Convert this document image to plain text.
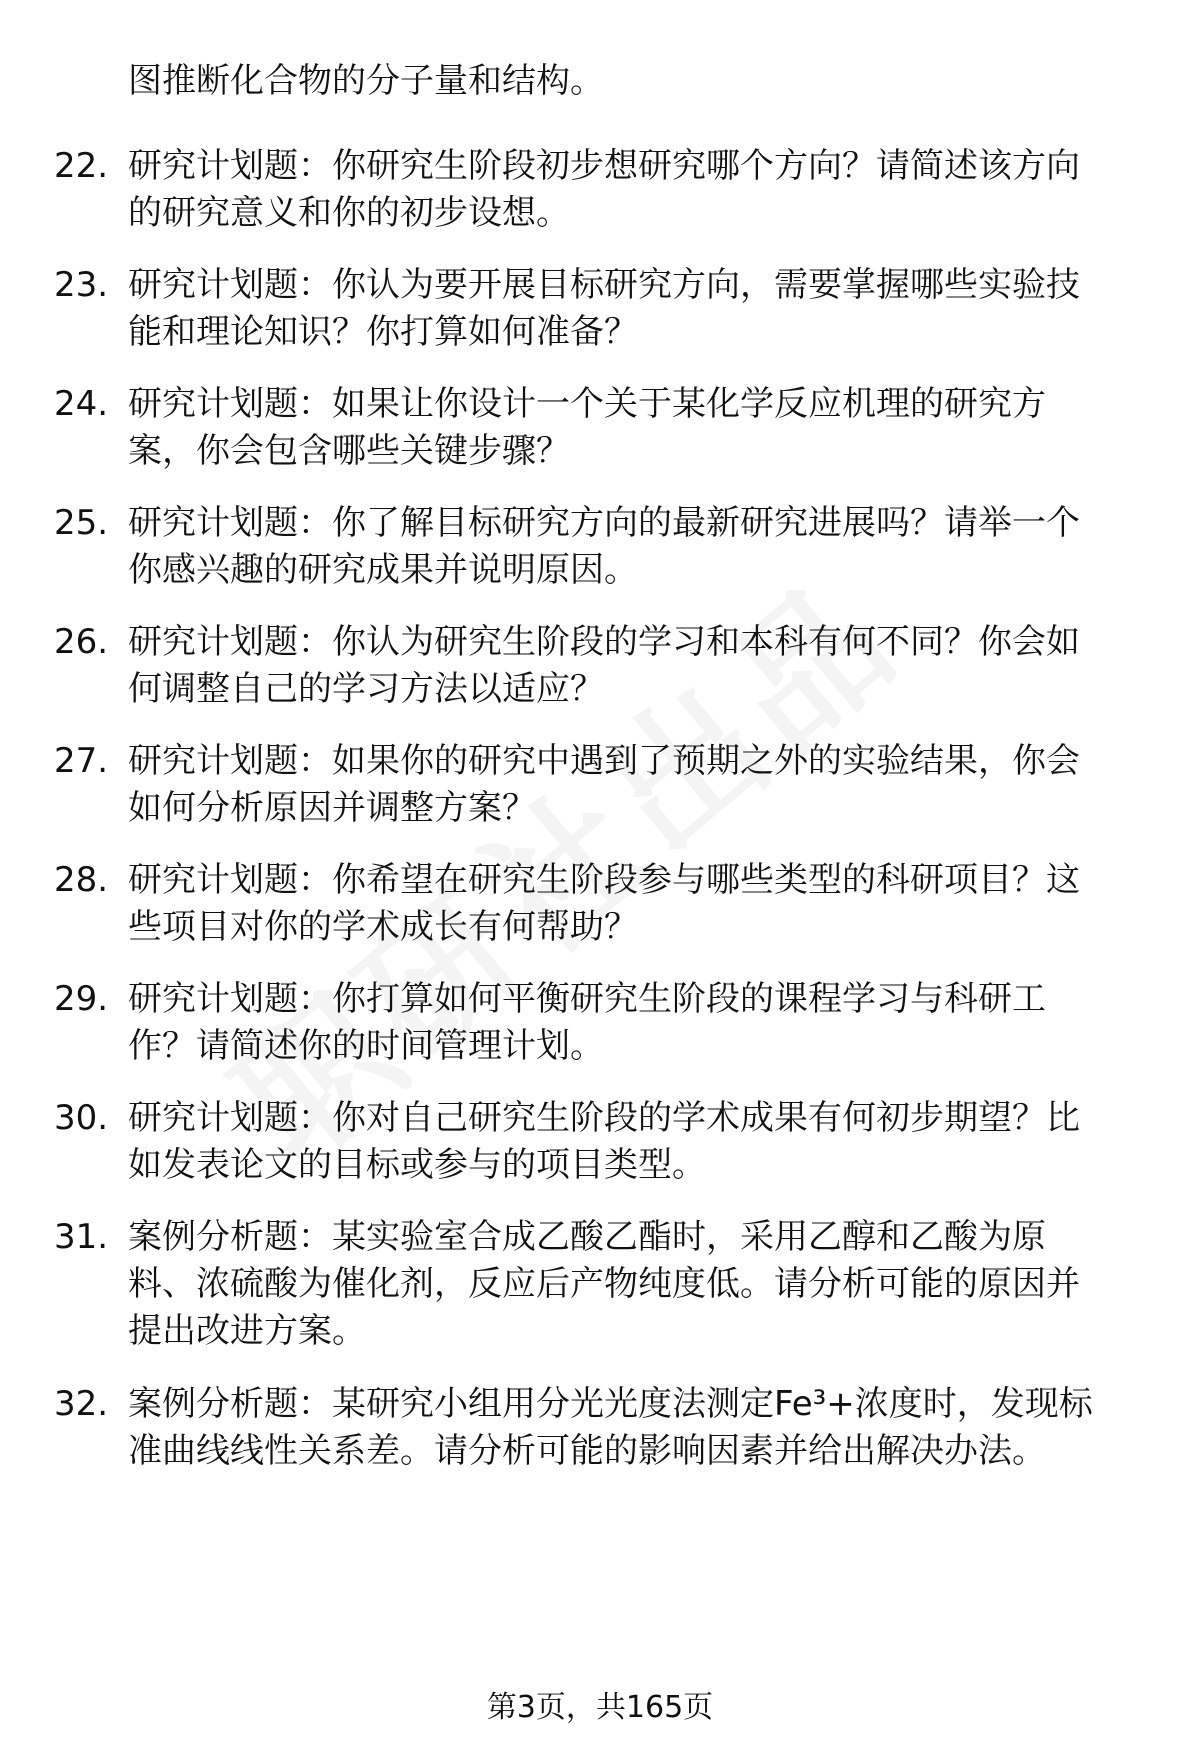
图推断化合物的分子量和结构。
22. 研究计划题：你研究生阶段初步想研究哪个方向？请简述该方向
的研究意义和你的初步设想。
23. 研究计划题：你认为要开展目标研究方向，需要掌握哪些实验技
能和理论知识？你打算如何准备？
24. 研究计划题：如果让你设计一个关于某化学反应机理的研究方
案，你会包含哪些关键步骤？
25. 研究计划题：你了解目标研究方向的最新研究进展吗？请举一个
你感兴趣的研究成果并说明原因。
26. 研究计划题：你认为研究生阶段的学习和本科有何不同？你会如
何调整自己的学习方法以适应？
27. 研究计划题：如果你的研究中遇到了预期之外的实验结果，你会
如何分析原因并调整方案？
28. 研究计划题：你希望在研究生阶段参与哪些类型的科研项目？这
些项目对你的学术成长有何帮助？
29. 研究计划题：你打算如何平衡研究生阶段的课程学习与科研工
作？请简述你的时间管理计划。
30. 研究计划题：你对自己研究生阶段的学术成果有何初步期望？比
如发表论文的目标或参与的项目类型。
31. 案例分析题：某实验室合成乙酸乙酯时，采用乙醇和乙酸为原
料、浓硫酸为催化剂，反应后产物纯度低。请分析可能的原因并
提出改进方案。
32. 案例分析题：某研究小组用分光光度法测定Fe³+浓度时，发现标
准曲线线性关系差。请分析可能的影响因素并给出解决办法。
第3页，共165页
